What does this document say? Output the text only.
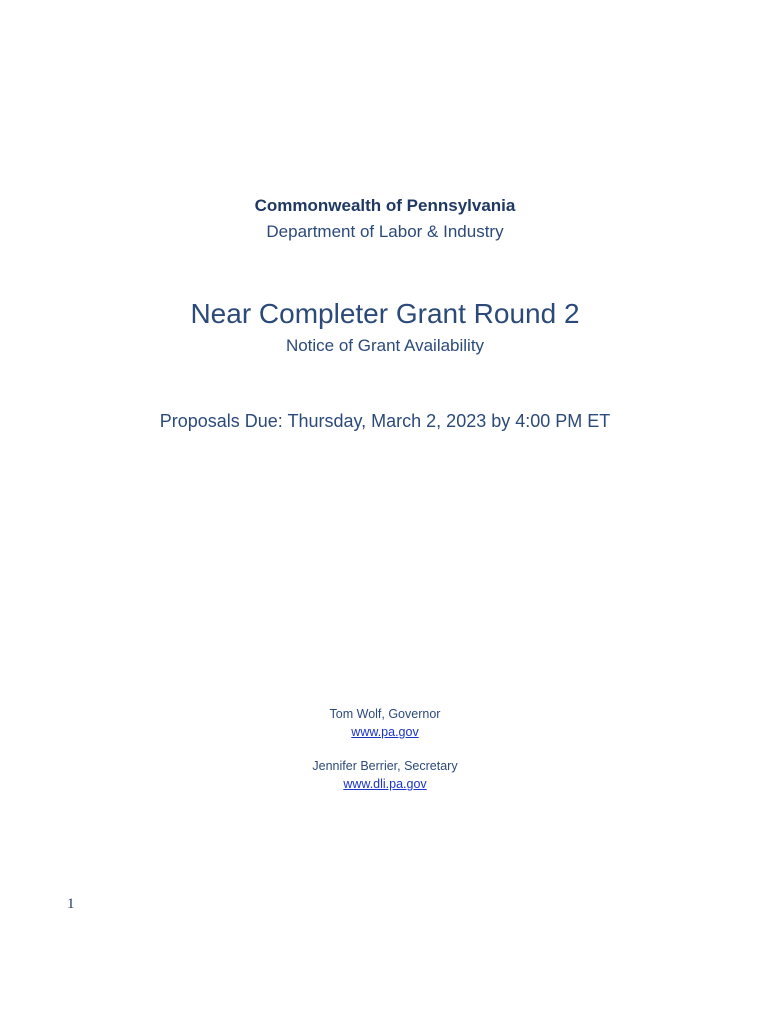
Commonwealth of Pennsylvania
Department of Labor & Industry
Near Completer Grant Round 2
Notice of Grant Availability
Proposals Due: Thursday, March 2, 2023 by 4:00 PM ET
Tom Wolf, Governor
www.pa.gov
Jennifer Berrier, Secretary
www.dli.pa.gov
1
